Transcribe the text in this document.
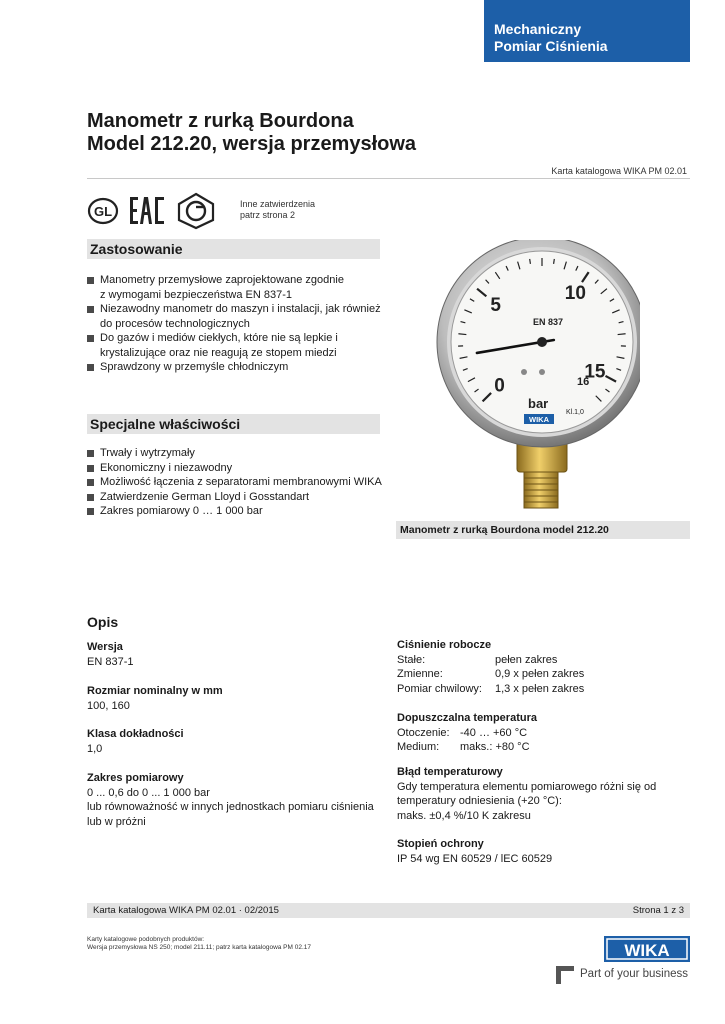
Mechaniczny
Pomiar Ciśnienia
Manometr z rurką Bourdona
Model 212.20, wersja przemysłowa
Karta katalogowa WIKA PM 02.01
GL	Inne zatwierdzenia
patrz strona 2
Zastosowanie
Manometry przemysłowe zaprojektowane zgodnie
z wymogami bezpieczeństwa EN 837-1
Niezawodny manometr do maszyn i instalacji, jak również
do procesów technologicznych
Do gazów i mediów ciekłych, które nie są lepkie i
krystalizujące oraz nie reagują ze stopem miedzi
Sprawdzony w przemyśle chłodniczym
Specjalne właściwości
Trwały i wytrzymały
Ekonomiczny i niezawodny
Możliwość łączenia z separatorami membranowymi WIKA
Zatwierdzenie German Lloyd i Gosstandart
Zakres pomiarowy 0 … 1 000 bar
0
5
10
15
EN 837
bar
Kl.1,0
16
WIKA
Manometr z rurką Bourdona model 212.20
Opis
Wersja
EN 837-1
Rozmiar nominalny w mm
100, 160
Klasa dokładności
1,0
Zakres pomiarowy
0 ... 0,6 do 0 ... 1 000 bar
lub równoważność w innych jednostkach pomiaru ciśnienia
lub w próżni
Ciśnienie robocze
Stałe:	pełen zakres
Zmienne:	0,9 x pełen zakres
Pomiar chwilowy:	1,3 x pełen zakres
Dopuszczalna temperatura
Otoczenie: -40 … +60 °C
Medium:	maks.: +80 °C
Błąd temperaturowy
Gdy temperatura elementu pomiarowego różni się od
temperatury odniesienia (+20 °C):
maks. ±0,4 %/10 K zakresu
Stopień ochrony
IP 54 wg EN 60529 / lEC 60529
Karta katalogowa WIKA PM 02.01 · 02/2015	Strona 1 z 3
Karty katalogowe podobnych produktów:
Wersja przemysłowa NS 250; model 211.11; patrz karta katalogowa PM 02.17	WIKA
Part of your business
